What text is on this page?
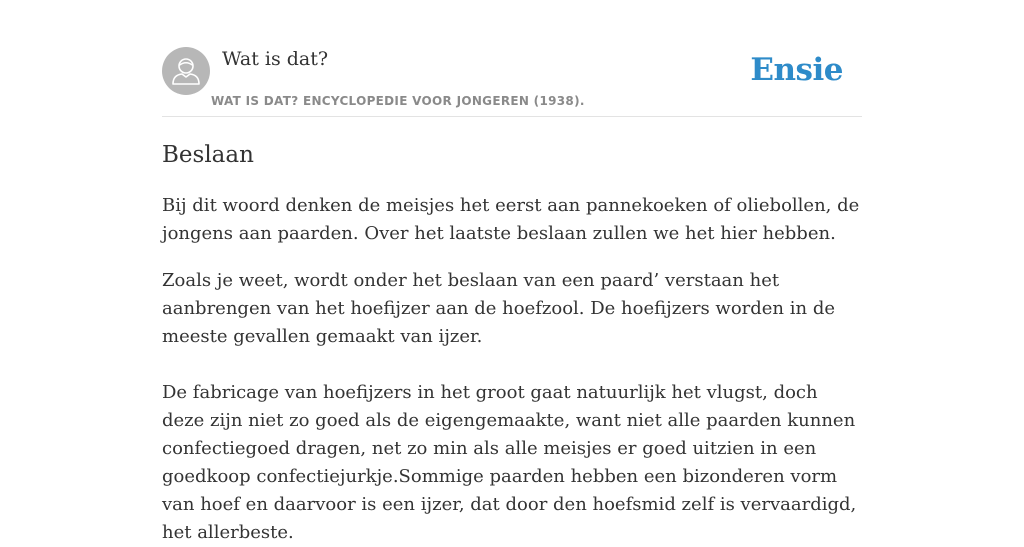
Wat is dat?
WAT IS DAT? ENCYCLOPEDIE VOOR JONGEREN (1938).
Ensie
Beslaan

Bij dit woord denken de meisjes het eerst aan pannekoeken of oliebollen, de jongens aan paarden. Over het laatste beslaan zullen we het hier hebben.

Zoals je weet, wordt onder het beslaan van een paard’ verstaan het aanbrengen van het hoefijzer aan de hoefzool. De hoefijzers worden in de meeste gevallen gemaakt van ijzer.

De fabricage van hoefijzers in het groot gaat natuurlijk het vlugst, doch deze zijn niet zo goed als de eigengemaakte, want niet alle paarden kunnen confectiegoed dragen, net zo min als alle meisjes er goed uitzien in een goedkoop confectiejurkje.Sommige paarden hebben een bizonderen vorm van hoef en daarvoor is een ijzer, dat door den hoefsmid zelf is vervaardigd, het allerbeste.
